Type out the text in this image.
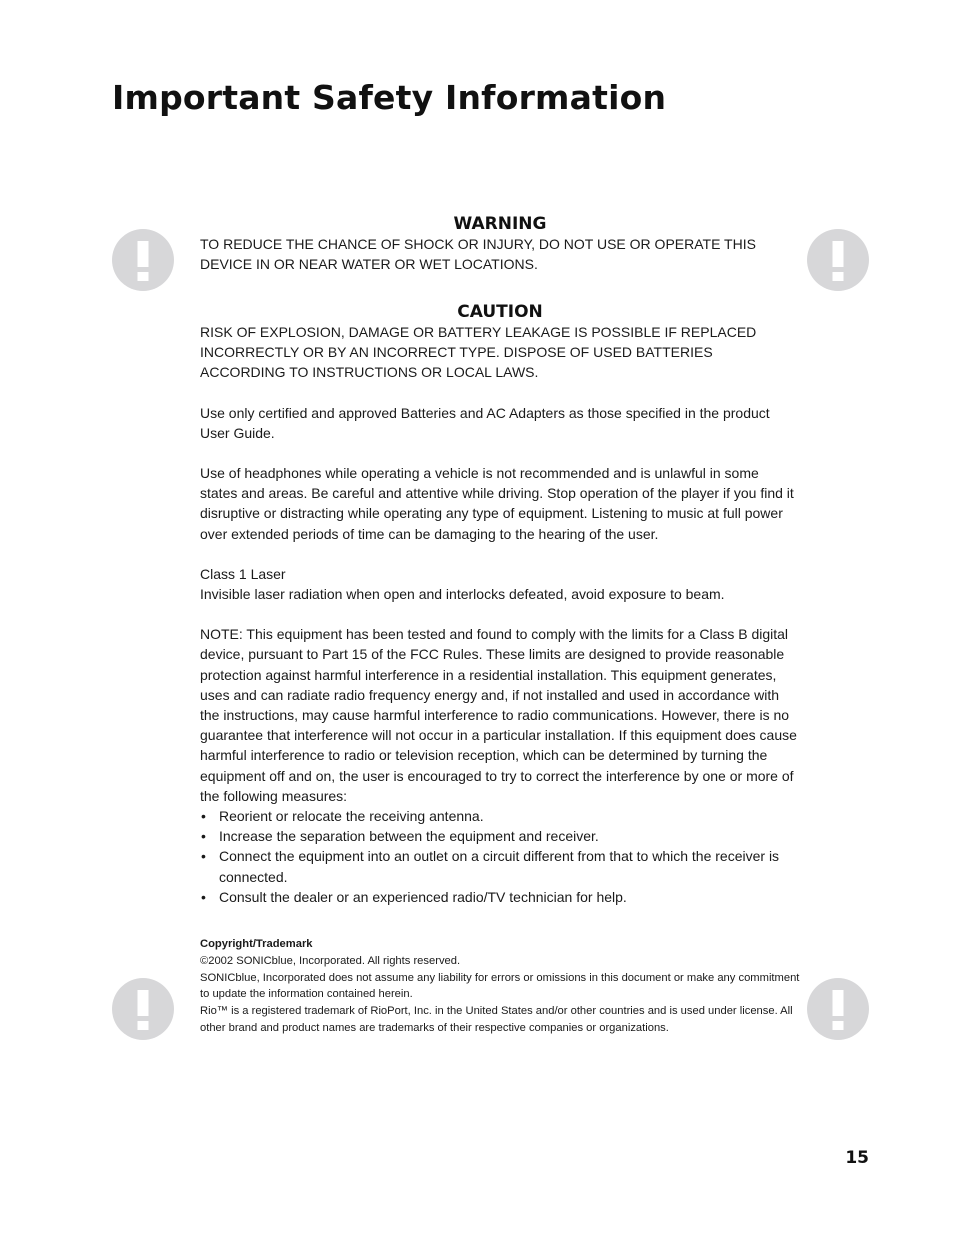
Important Safety Information
WARNING

TO REDUCE THE CHANCE OF SHOCK OR INJURY, DO NOT USE OR OPERATE THIS DEVICE IN OR NEAR WATER OR WET LOCATIONS.

CAUTION

RISK OF EXPLOSION, DAMAGE OR BATTERY LEAKAGE IS POSSIBLE IF REPLACED INCORRECTLY OR BY AN INCORRECT TYPE. DISPOSE OF USED BATTERIES ACCORDING TO INSTRUCTIONS OR LOCAL LAWS.

Use only certified and approved Batteries and AC Adapters as those specified in the product User Guide.

Use of headphones while operating a vehicle is not recommended and is unlawful in some states and areas. Be careful and attentive while driving. Stop operation of the player if you find it disruptive or distracting while operating any type of equipment. Listening to music at full power over extended periods of time can be damaging to the hearing of the user.

Class 1 Laser

Invisible laser radiation when open and interlocks defeated, avoid exposure to beam.

NOTE: This equipment has been tested and found to comply with the limits for a Class B digital device, pursuant to Part 15 of the FCC Rules. These limits are designed to provide reasonable protection against harmful interference in a residential installation. This equipment generates, uses and can radiate radio frequency energy and, if not installed and used in accordance with the instructions, may cause harmful interference to radio communications. However, there is no guarantee that interference will not occur in a particular installation. If this equipment does cause harmful interference to radio or television reception, which can be determined by turning the equipment off and on, the user is encouraged to try to correct the interference by one or more of the following measures:

• Reorient or relocate the receiving antenna.
• Increase the separation between the equipment and receiver.
• Connect the equipment into an outlet on a circuit different from that to which the receiver is connected.
• Consult the dealer or an experienced radio/TV technician for help.
Copyright/Trademark
©2002 SONICblue, Incorporated. All rights reserved.
SONICblue, Incorporated does not assume any liability for errors or omissions in this document or make any commitment to update the information contained herein.
Rio™ is a registered trademark of RioPort, Inc. in the United States and/or other countries and is used under license. All other brand and product names are trademarks of their respective companies or organizations.
15
